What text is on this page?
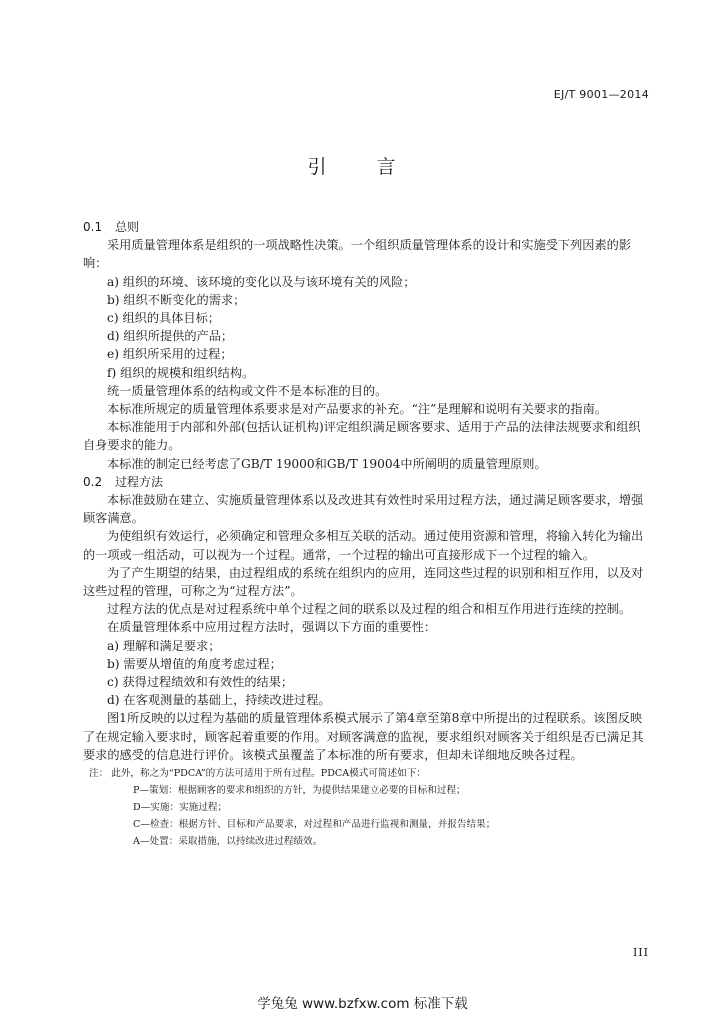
EJ/T 9001—2014
引 言

0.1 总则

采用质量管理体系是组织的一项战略性决策。一个组织质量管理体系的设计和实施受下列因素的影响：

a) 组织的环境、该环境的变化以及与该环境有关的风险；

b) 组织不断变化的需求；

c) 组织的具体目标；

d) 组织所提供的产品；

e) 组织所采用的过程；

f) 组织的规模和组织结构。

统一质量管理体系的结构或文件不是本标准的目的。

本标准所规定的质量管理体系要求是对产品要求的补充。“注”是理解和说明有关要求的指南。

本标准能用于内部和外部(包括认证机构)评定组织满足顾客要求、适用于产品的法律法规要求和组织自身要求的能力。

本标准的制定已经考虑了GB/T 19000和GB/T 19004中所阐明的质量管理原则。

0.2 过程方法

本标准鼓励在建立、实施质量管理体系以及改进其有效性时采用过程方法，通过满足顾客要求，增强顾客满意。

为使组织有效运行，必须确定和管理众多相互关联的活动。通过使用资源和管理，将输入转化为输出的一项或一组活动，可以视为一个过程。通常，一个过程的输出可直接形成下一个过程的输入。

为了产生期望的结果，由过程组成的系统在组织内的应用，连同这些过程的识别和相互作用，以及对这些过程的管理，可称之为“过程方法”。

过程方法的优点是对过程系统中单个过程之间的联系以及过程的组合和相互作用进行连续的控制。

在质量管理体系中应用过程方法时，强调以下方面的重要性：

a) 理解和满足要求；

b) 需要从增值的角度考虑过程；

c) 获得过程绩效和有效性的结果；

d) 在客观测量的基础上，持续改进过程。

图1所反映的以过程为基础的质量管理体系模式展示了第4章至第8章中所提出的过程联系。该图反映了在规定输入要求时，顾客起着重要的作用。对顾客满意的监视，要求组织对顾客关于组织是否已满足其要求的感受的信息进行评价。该模式虽覆盖了本标准的所有要求，但却未详细地反映各过程。

注： 此外，称之为“PDCA”的方法可适用于所有过程。PDCA模式可简述如下：

P—策划：根据顾客的要求和组织的方针，为提供结果建立必要的目标和过程；

D—实施：实施过程；

C—检查：根据方针、目标和产品要求，对过程和产品进行监视和测量，并报告结果；

A—处置：采取措施，以持续改进过程绩效。

III
学兔兔 www.bzfxw.com 标准下载
